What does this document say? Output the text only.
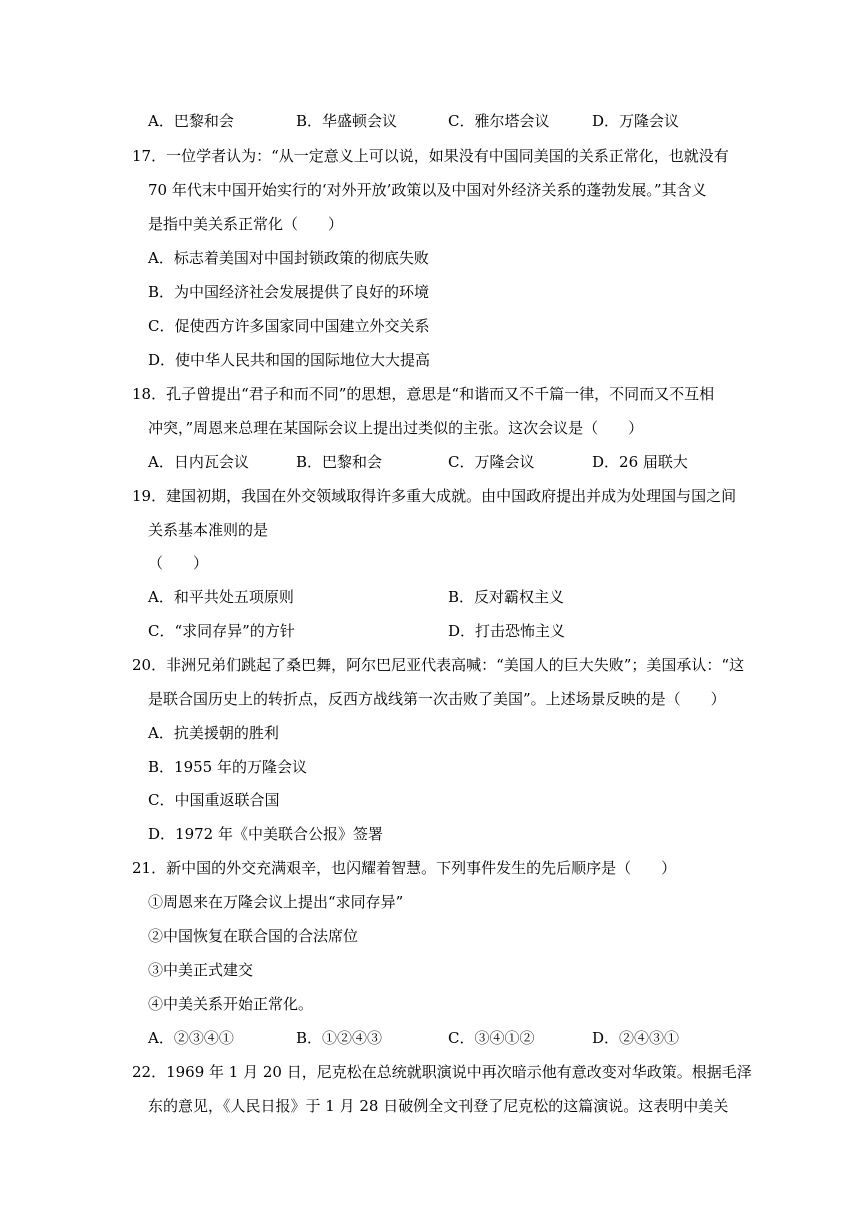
A．巴黎和会	B．华盛顿会议	C．雅尔塔会议	D．万隆会议
17．一位学者认为：“从一定意义上可以说，如果没有中国同美国的关系正常化，也就没有
70 年代末中国开始实行的‘对外开放’政策以及中国对外经济关系的蓬勃发展。”其含义
是指中美关系正常化（　　）
A．标志着美国对中国封锁政策的彻底失败
B．为中国经济社会发展提供了良好的环境
C．促使西方许多国家同中国建立外交关系
D．使中华人民共和国的国际地位大大提高
18．孔子曾提出“君子和而不同”的思想，意思是“和谐而又不千篇一律，不同而又不互相
冲突，”周恩来总理在某国际会议上提出过类似的主张。这次会议是（　　）
A．日内瓦会议	B．巴黎和会	C．万隆会议	D．26 届联大
19．建国初期，我国在外交领域取得许多重大成就。由中国政府提出并成为处理国与国之间
关系基本准则的是
（　　）
A．和平共处五项原则	B．反对霸权主义
C．“求同存异”的方针	D．打击恐怖主义
20．非洲兄弟们跳起了桑巴舞，阿尔巴尼亚代表高喊：“美国人的巨大失败”；美国承认：“这
是联合国历史上的转折点，反西方战线第一次击败了美国”。上述场景反映的是（　　）
A．抗美援朝的胜利
B．1955 年的万隆会议
C．中国重返联合国
D．1972 年《中美联合公报》签署
21．新中国的外交充满艰辛，也闪耀着智慧。下列事件发生的先后顺序是（　　）
①周恩来在万隆会议上提出“求同存异”
②中国恢复在联合国的合法席位
③中美正式建交
④中美关系开始正常化。
A．②③④①	B．①②④③	C．③④①②	D．②④③①
22．1969 年 1 月 20 日，尼克松在总统就职演说中再次暗示他有意改变对华政策。根据毛泽
东的意见，《人民日报》于 1 月 28 日破例全文刊登了尼克松的这篇演说。这表明中美关
